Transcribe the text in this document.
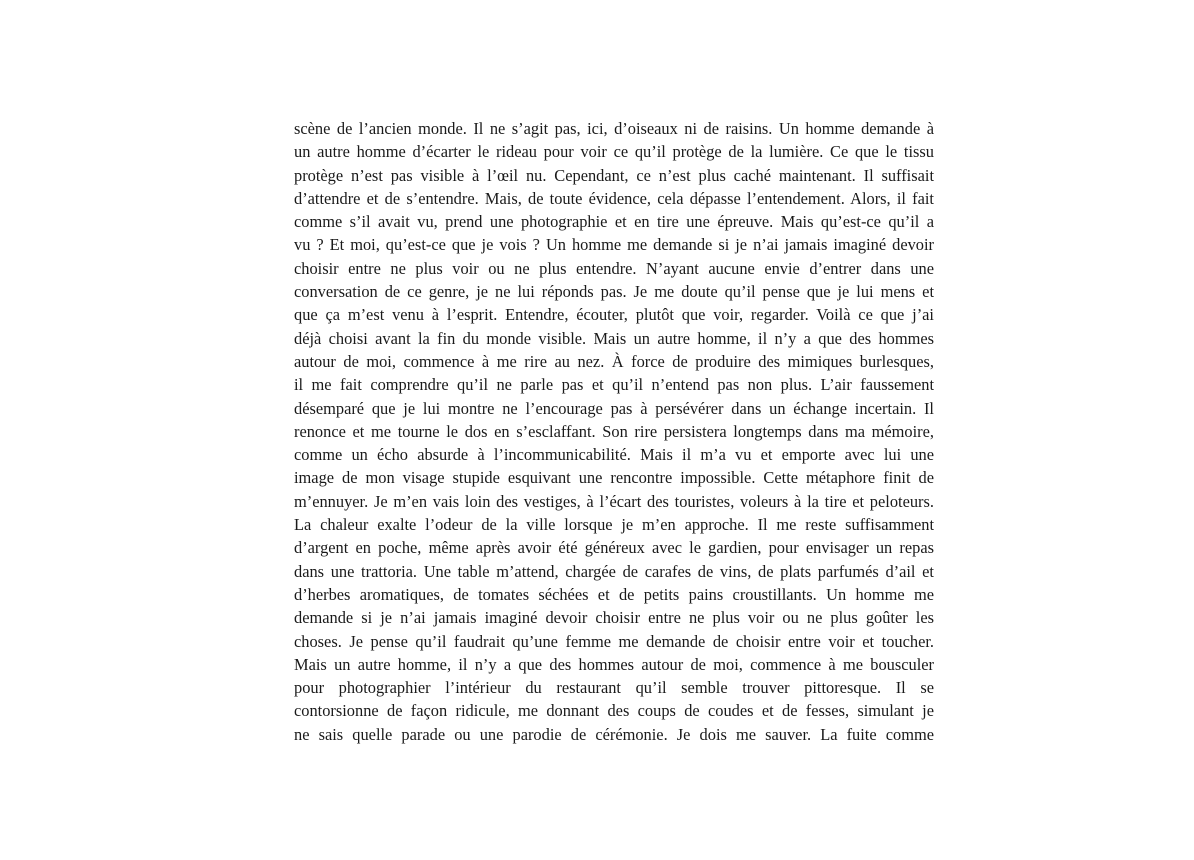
scène de l’ancien monde. Il ne s’agit pas, ici, d’oiseaux ni de raisins. Un homme demande à
un autre homme d’écarter le rideau pour voir ce qu’il protège de la lumière. Ce que le tissu
protège n’est pas visible à l’œil nu. Cependant, ce n’est plus caché maintenant. Il suffisait
d’attendre et de s’entendre. Mais, de toute évidence, cela dépasse l’entendement. Alors, il fait
comme s’il avait vu, prend une photographie et en tire une épreuve. Mais qu’est-ce qu’il a
vu ? Et moi, qu’est-ce que je vois ? Un homme me demande si je n’ai jamais imaginé devoir
choisir entre ne plus voir ou ne plus entendre. N’ayant aucune envie d’entrer dans une
conversation de ce genre, je ne lui réponds pas. Je me doute qu’il pense que je lui mens et
que ça m’est venu à l’esprit. Entendre, écouter, plutôt que voir, regarder. Voilà ce que j’ai
déjà choisi avant la fin du monde visible. Mais un autre homme, il n’y a que des hommes
autour de moi, commence à me rire au nez. À force de produire des mimiques burlesques,
il me fait comprendre qu’il ne parle pas et qu’il n’entend pas non plus. L’air faussement
désemparé que je lui montre ne l’encourage pas à persévérer dans un échange incertain. Il
renonce et me tourne le dos en s’esclaffant. Son rire persistera longtemps dans ma mémoire,
comme un écho absurde à l’incommunicabilité. Mais il m’a vu et emporte avec lui une
image de mon visage stupide esquivant une rencontre impossible. Cette métaphore finit de
m’ennuyer. Je m’en vais loin des vestiges, à l’écart des touristes, voleurs à la tire et peloteurs.
La chaleur exalte l’odeur de la ville lorsque je m’en approche. Il me reste suffisamment
d’argent en poche, même après avoir été généreux avec le gardien, pour envisager un repas
dans une trattoria. Une table m’attend, chargée de carafes de vins, de plats parfumés d’ail et
d’herbes aromatiques, de tomates séchées et de petits pains croustillants. Un homme me
demande si je n’ai jamais imaginé devoir choisir entre ne plus voir ou ne plus goûter les
choses. Je pense qu’il faudrait qu’une femme me demande de choisir entre voir et toucher.
Mais un autre homme, il n’y a que des hommes autour de moi, commence à me bousculer
pour photographier l’intérieur du restaurant qu’il semble trouver pittoresque. Il se
contorsionne de façon ridicule, me donnant des coups de coudes et de fesses, simulant je
ne sais quelle parade ou une parodie de cérémonie. Je dois me sauver. La fuite comme
